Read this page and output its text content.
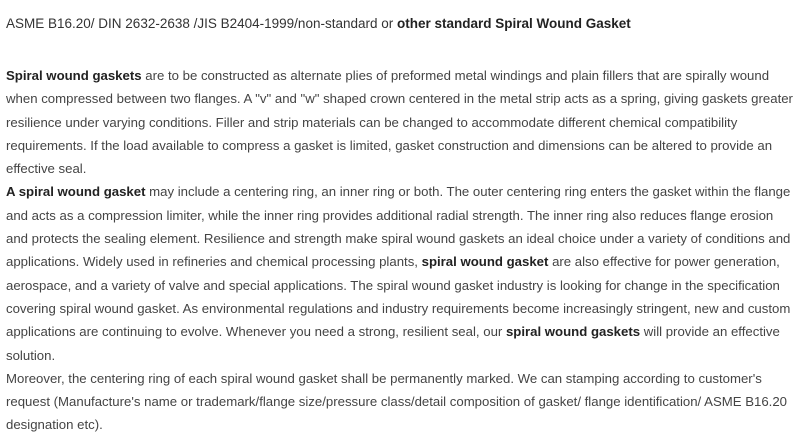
ASME B16.20/ DIN 2632-2638 /JIS B2404-1999/non-standard or other standard Spiral Wound Gasket

Spiral wound gaskets are to be constructed as alternate plies of preformed metal windings and plain fillers that are spirally wound when compressed between two flanges. A "v" and "w" shaped crown centered in the metal strip acts as a spring, giving gaskets greater resilience under varying conditions. Filler and strip materials can be changed to accommodate different chemical compatibility requirements. If the load available to compress a gasket is limited, gasket construction and dimensions can be altered to provide an effective seal.

A spiral wound gasket may include a centering ring, an inner ring or both. The outer centering ring enters the gasket within the flange and acts as a compression limiter, while the inner ring provides additional radial strength. The inner ring also reduces flange erosion and protects the sealing element. Resilience and strength make spiral wound gaskets an ideal choice under a variety of conditions and applications. Widely used in refineries and chemical processing plants, spiral wound gasket are also effective for power generation, aerospace, and a variety of valve and special applications. The spiral wound gasket industry is looking for change in the specification covering spiral wound gasket. As environmental regulations and industry requirements become increasingly stringent, new and custom applications are continuing to evolve. Whenever you need a strong, resilient seal, our spiral wound gaskets will provide an effective solution.

Moreover, the centering ring of each spiral wound gasket shall be permanently marked. We can stamping according to customer's request (Manufacture's name or trademark/flange size/pressure class/detail composition of gasket/ flange identification/ ASME B16.20 designation etc).
